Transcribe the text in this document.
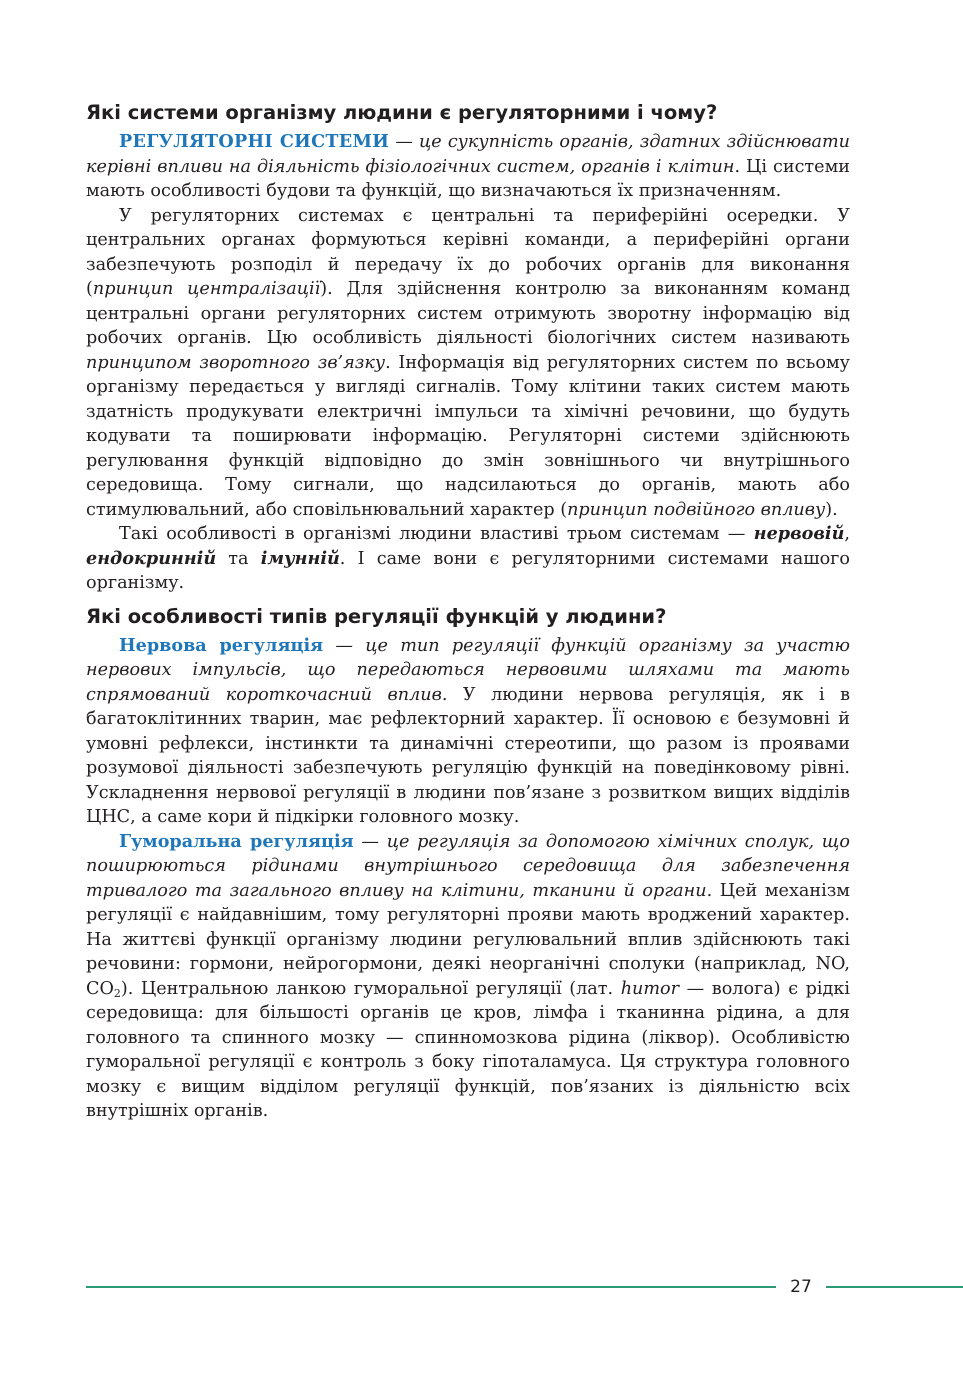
Які системи організму людини є регуляторними і чому?

РЕГУЛЯТОРНІ СИСТЕМИ — це сукупність органів, здатних здійснювати керівні впливи на діяльність фізіологічних систем, органів і клітин. Ці системи мають особливості будови та функцій, що визначаються їх призначенням.

У регуляторних системах є центральні та периферійні осередки. У центральних органах формуються керівні команди, а периферійні органи забезпечують розподіл й передачу їх до робочих органів для виконання (принцип централізації). Для здійснення контролю за виконанням команд центральні органи регуляторних систем отримують зворотну інформацію від робочих органів. Цю особливість діяльності біологічних систем називають принципом зворотного зв’язку. Інформація від регуляторних систем по всьому організму передається у вигляді сигналів. Тому клітини таких систем мають здатність продукувати електричні імпульси та хімічні речовини, що будуть кодувати та поширювати інформацію. Регуляторні системи здійснюють регулювання функцій відповідно до змін зовнішнього чи внутрішнього середовища. Тому сигнали, що надсилаються до органів, мають або стимулювальний, або сповільнювальний характер (принцип подвійного впливу).

Такі особливості в організмі людини властиві трьом системам — нервовій, ендокринній та імунній. І саме вони є регуляторними системами нашого організму.

Які особливості типів регуляції функцій у людини?

Нервова регуляція — це тип регуляції функцій організму за участю нервових імпульсів, що передаються нервовими шляхами та мають спрямований короткочасний вплив. У людини нервова регуляція, як і в багатоклітинних тварин, має рефлекторний характер. Її основою є безумовні й умовні рефлекси, інстинкти та динамічні стереотипи, що разом із проявами розумової діяльності забезпечують регуляцію функцій на поведінковому рівні. Ускладнення нервової регуляції в людини пов’язане з розвитком вищих відділів ЦНС, а саме кори й підкірки головного мозку.

Гуморальна регуляція — це регуляція за допомогою хімічних сполук, що поширюються рідинами внутрішнього середовища для забезпечення тривалого та загального впливу на клітини, тканини й органи. Цей механізм регуляції є найдавнішим, тому регуляторні прояви мають вроджений характер. На життєві функції організму людини регулювальний вплив здійснюють такі речовини: гормони, нейрогормони, деякі неорганічні сполуки (наприклад, NO, $CO_2$). Центральною ланкою гуморальної регуляції (лат. humor — волога) є рідкі середовища: для більшості органів це кров, лімфа і тканинна рідина, а для головного та спинного мозку — спинномозкова рідина (ліквор). Особливістю гуморальної регуляції є контроль з боку гіпоталамуса. Ця структура головного мозку є вищим відділом регуляції функцій, пов’язаних із діяльністю всіх внутрішніх органів.

27
